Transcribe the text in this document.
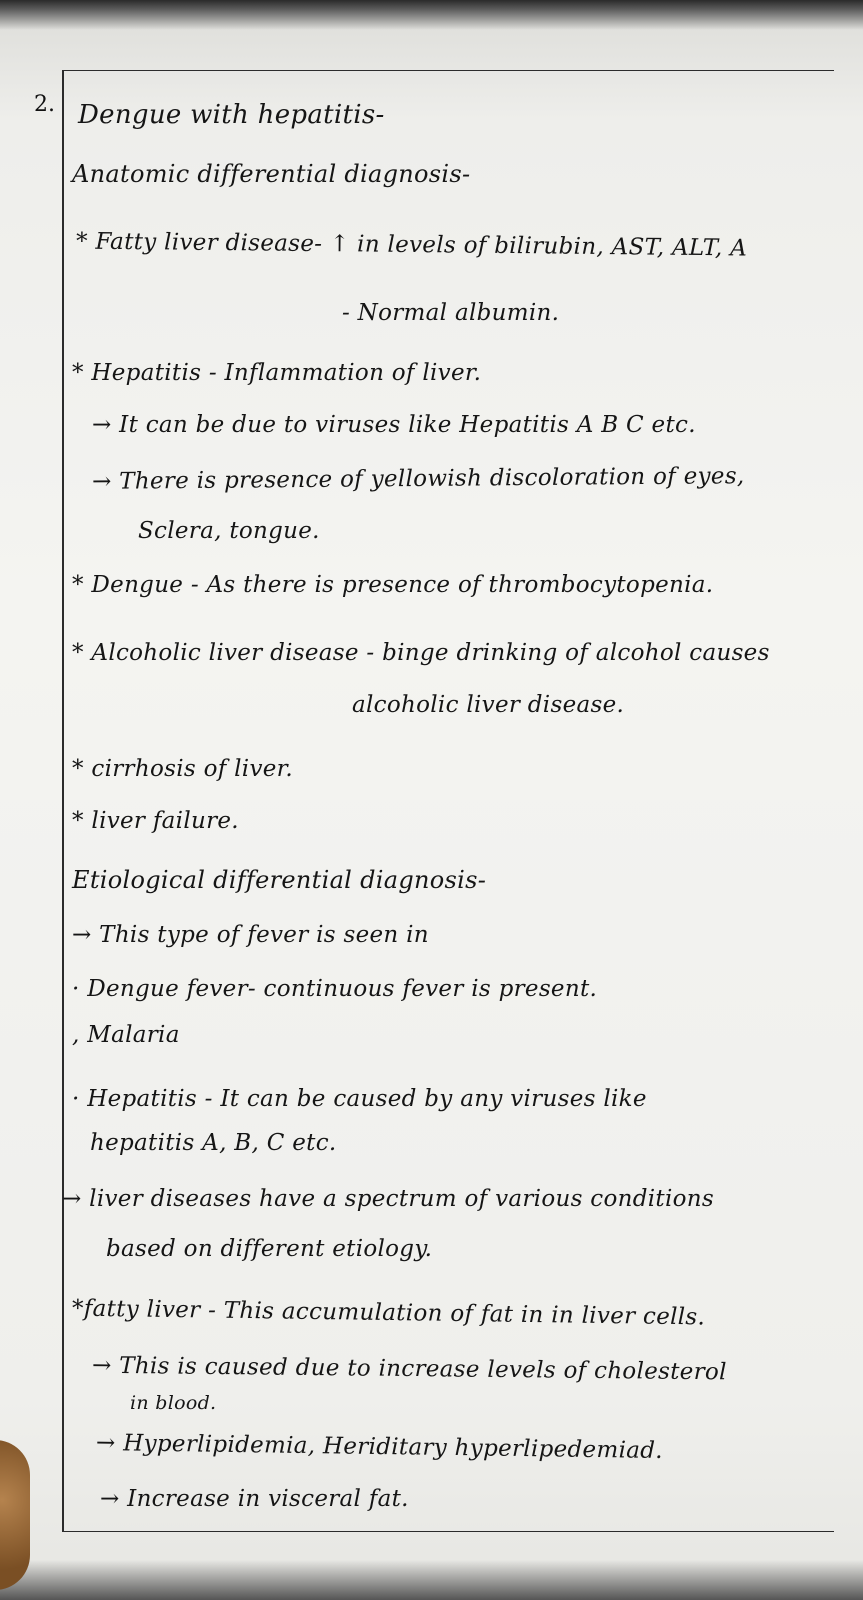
2. Dengue with hepatitis-
Anatomic differential diagnosis-
* Fatty liver disease- ↑ in levels of bilirubin, AST, ALT, A
- Normal albumin.
* Hepatitis - Inflammation of liver.
→ It can be due to viruses like Hepatitis A B C etc.
→ There is presence of yellowish discoloration of eyes,
Sclera, tongue.
* Dengue - As there is presence of thrombocytopenia.
* Alcoholic liver disease - binge drinking of alcohol causes
alcoholic liver disease.
* cirrhosis of liver.
* liver failure.
Etiological differential diagnosis-
→ This type of fever is seen in
· Dengue fever- continuous fever is present.
, Malaria
· Hepatitis - It can be caused by any viruses like
hepatitis A, B, C etc.
→ liver diseases have a spectrum of various conditions
based on different etiology.
*fatty liver - This accumulation of fat in in liver cells.
→ This is caused due to increase levels of cholesterol
in blood.
→ Hyperlipidemia, Heriditary hyperlipedemiad.
→ Increase in visceral fat.
